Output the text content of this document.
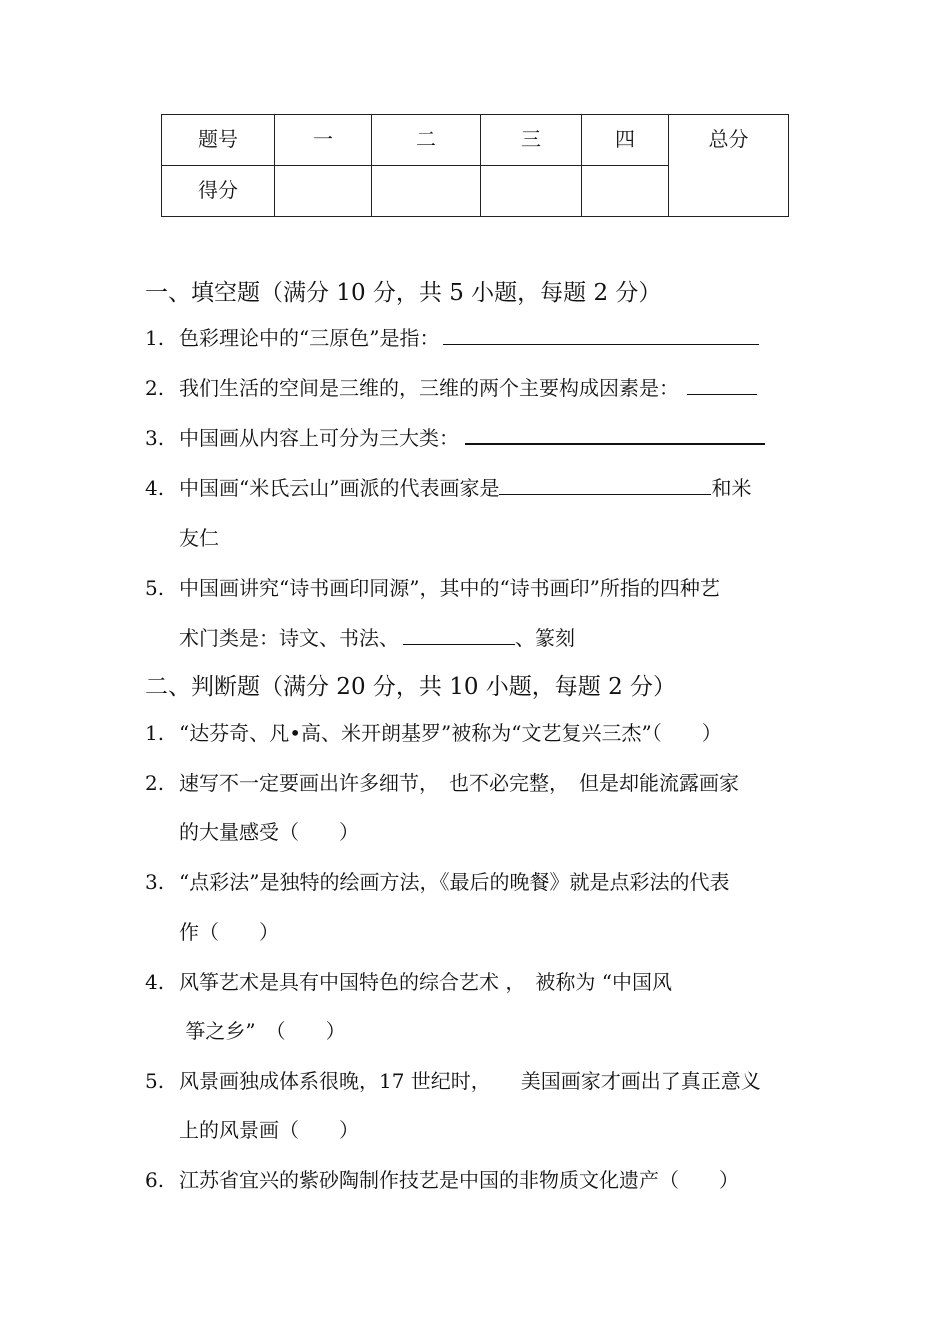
题号	一	二	三	四	总分
得分					
一、填空题（满分 10 分，共 5 小题，每题 2 分）
1. 色彩理论中的“三原色”是指：
2. 我们生活的空间是三维的，三维的两个主要构成因素是：
3. 中国画从内容上可分为三大类：
4. 中国画“米氏云山”画派的代表画家是	和米
友仁
5. 中国画讲究“诗书画印同源”，其中的“诗书画印”所指的四种艺
术门类是：诗文、书法、	、篆刻
二、判断题（满分 20 分，共 10 小题，每题 2 分）
1. “达芬奇、凡•高、米开朗基罗”被称为“文艺复兴三杰”（　　）
2. 速写不一定要画出许多细节，　也不必完整，　但是却能流露画家
的大量感受（　　）
3. “点彩法”是独特的绘画方法，《最后的晚餐》就是点彩法的代表
作（　　）
4. 风筝艺术是具有中国特色的综合艺术 ，　被称为 “中国风
筝之乡”　（　　）
5. 风景画独成体系很晚，17 世纪时，　　美国画家才画出了真正意义
上的风景画（　　）
6. 江苏省宜兴的紫砂陶制作技艺是中国的非物质文化遗产（　　）
